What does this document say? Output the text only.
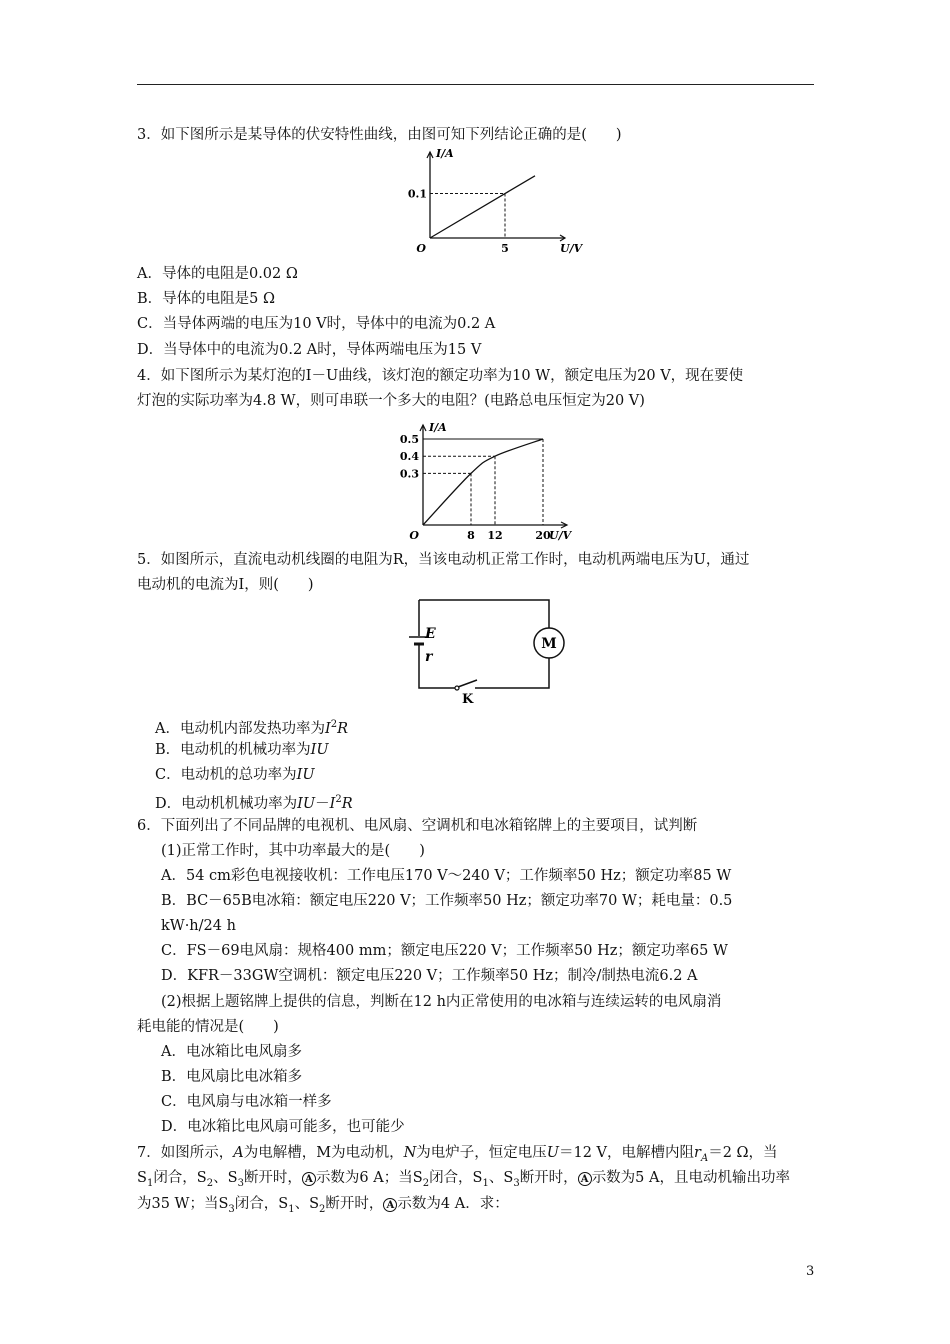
3．如下图所示是某导体的伏安特性曲线，由图可知下列结论正确的是(　　)
5
0.1
O
I/A
U/V
A．导体的电阻是0.02 Ω
B．导体的电阻是5 Ω
C．当导体两端的电压为10 V时，导体中的电流为0.2 A
D．当导体中的电流为0.2 A时，导体两端电压为15 V
4．如下图所示为某灯泡的I－U曲线，该灯泡的额定功率为10 W，额定电压为20 V，现在要使
灯泡的实际功率为4.8 W，则可串联一个多大的电阻？(电路总电压恒定为20 V)
8 12	20
0.5
0.4
0.3
O
I/A
U/V
5．如图所示，直流电动机线圈的电阻为R，当该电动机正常工作时，电动机两端电压为U，通过
电动机的电流为I，则(　　)
E
r
M
K
A．电动机内部发热功率为$I^2R$
B．电动机的机械功率为IU
C．电动机的总功率为IU
D．电动机机械功率为$IU-I^2R$
6．下面列出了不同品牌的电视机、电风扇、空调机和电冰箱铭牌上的主要项目，试判断
(1)正常工作时，其中功率最大的是(　　)
A．54 cm彩色电视接收机：工作电压170 V～240 V；工作频率50 Hz；额定功率85 W
B．BC－65B电冰箱：额定电压220 V；工作频率50 Hz；额定功率70 W；耗电量：0.5
kW·h/24 h
C．FS－69电风扇：规格400 mm；额定电压220 V；工作频率50 Hz；额定功率65 W
D．KFR－33GW空调机：额定电压220 V；工作频率50 Hz；制冷/制热电流6.2 A
(2)根据上题铭牌上提供的信息，判断在12 h内正常使用的电冰箱与连续运转的电风扇消
耗电能的情况是(　　)
A．电冰箱比电风扇多
B．电风扇比电冰箱多
C．电风扇与电冰箱一样多
D．电冰箱比电风扇可能多，也可能少
7．如图所示，A为电解槽，M为电动机，N为电炉子，恒定电压U＝12 V，电解槽内阻$r_A=2$ Ω，当
$S_1$闭合，$S_2$、$S_3$断开时， A 示数为6 A；当$S_2$闭合，$S_1$、$S_3$断开时， A 示数为5 A，且电动机输出功率
为35 W；当$S_3$闭合，$S_1$、$S_2$断开时， A 示数为4 A．求：
3
